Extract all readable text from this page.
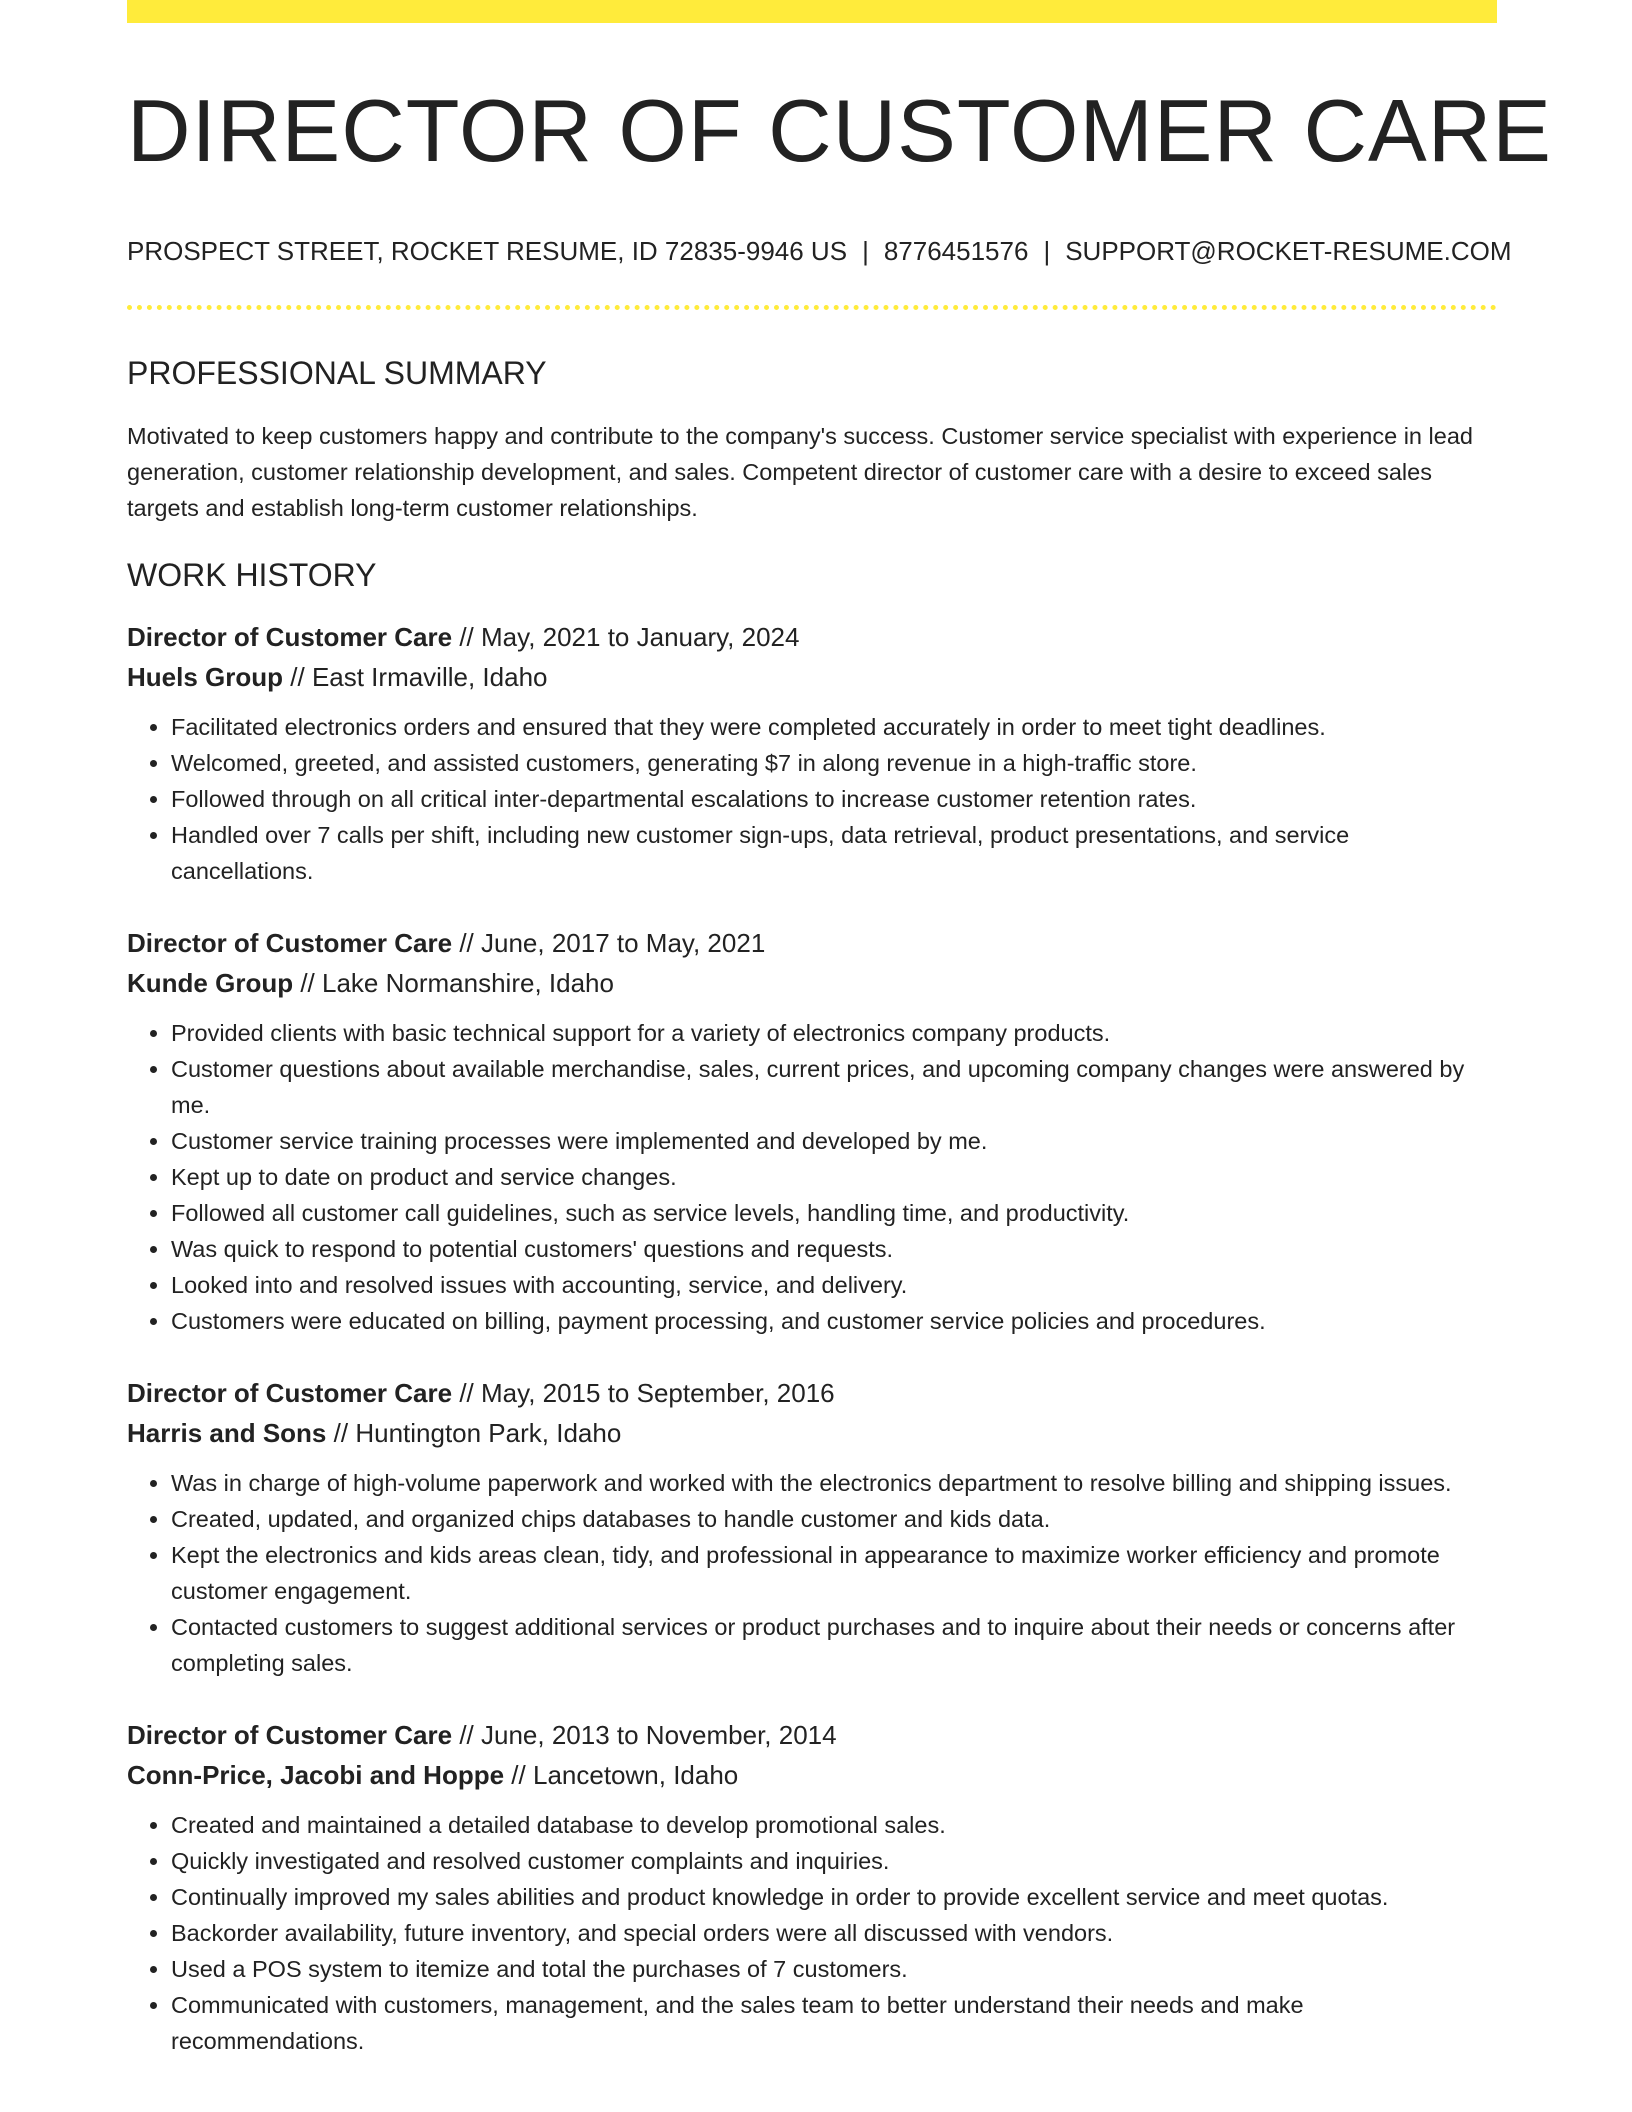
DIRECTOR OF CUSTOMER CARE
PROSPECT STREET, ROCKET RESUME, ID 72835-9946 US | 8776451576 | SUPPORT@ROCKET-RESUME.COM
PROFESSIONAL SUMMARY

Motivated to keep customers happy and contribute to the company's success. Customer service specialist with experience in lead generation, customer relationship development, and sales. Competent director of customer care with a desire to exceed sales targets and establish long-term customer relationships.

WORK HISTORY
Director of Customer Care // May, 2021 to January, 2024
Huels Group // East Irmaville, Idaho
• Facilitated electronics orders and ensured that they were completed accurately in order to meet tight deadlines.
• Welcomed, greeted, and assisted customers, generating $7 in along revenue in a high-traffic store.
• Followed through on all critical inter-departmental escalations to increase customer retention rates.
• Handled over 7 calls per shift, including new customer sign-ups, data retrieval, product presentations, and service cancellations.
Director of Customer Care // June, 2017 to May, 2021
Kunde Group // Lake Normanshire, Idaho
• Provided clients with basic technical support for a variety of electronics company products.
• Customer questions about available merchandise, sales, current prices, and upcoming company changes were answered by me.
• Customer service training processes were implemented and developed by me.
• Kept up to date on product and service changes.
• Followed all customer call guidelines, such as service levels, handling time, and productivity.
• Was quick to respond to potential customers' questions and requests.
• Looked into and resolved issues with accounting, service, and delivery.
• Customers were educated on billing, payment processing, and customer service policies and procedures.
Director of Customer Care // May, 2015 to September, 2016
Harris and Sons // Huntington Park, Idaho
• Was in charge of high-volume paperwork and worked with the electronics department to resolve billing and shipping issues.
• Created, updated, and organized chips databases to handle customer and kids data.
• Kept the electronics and kids areas clean, tidy, and professional in appearance to maximize worker efficiency and promote customer engagement.
• Contacted customers to suggest additional services or product purchases and to inquire about their needs or concerns after completing sales.
Director of Customer Care // June, 2013 to November, 2014
Conn-Price, Jacobi and Hoppe // Lancetown, Idaho
• Created and maintained a detailed database to develop promotional sales.
• Quickly investigated and resolved customer complaints and inquiries.
• Continually improved my sales abilities and product knowledge in order to provide excellent service and meet quotas.
• Backorder availability, future inventory, and special orders were all discussed with vendors.
• Used a POS system to itemize and total the purchases of 7 customers.
• Communicated with customers, management, and the sales team to better understand their needs and make recommendations.
